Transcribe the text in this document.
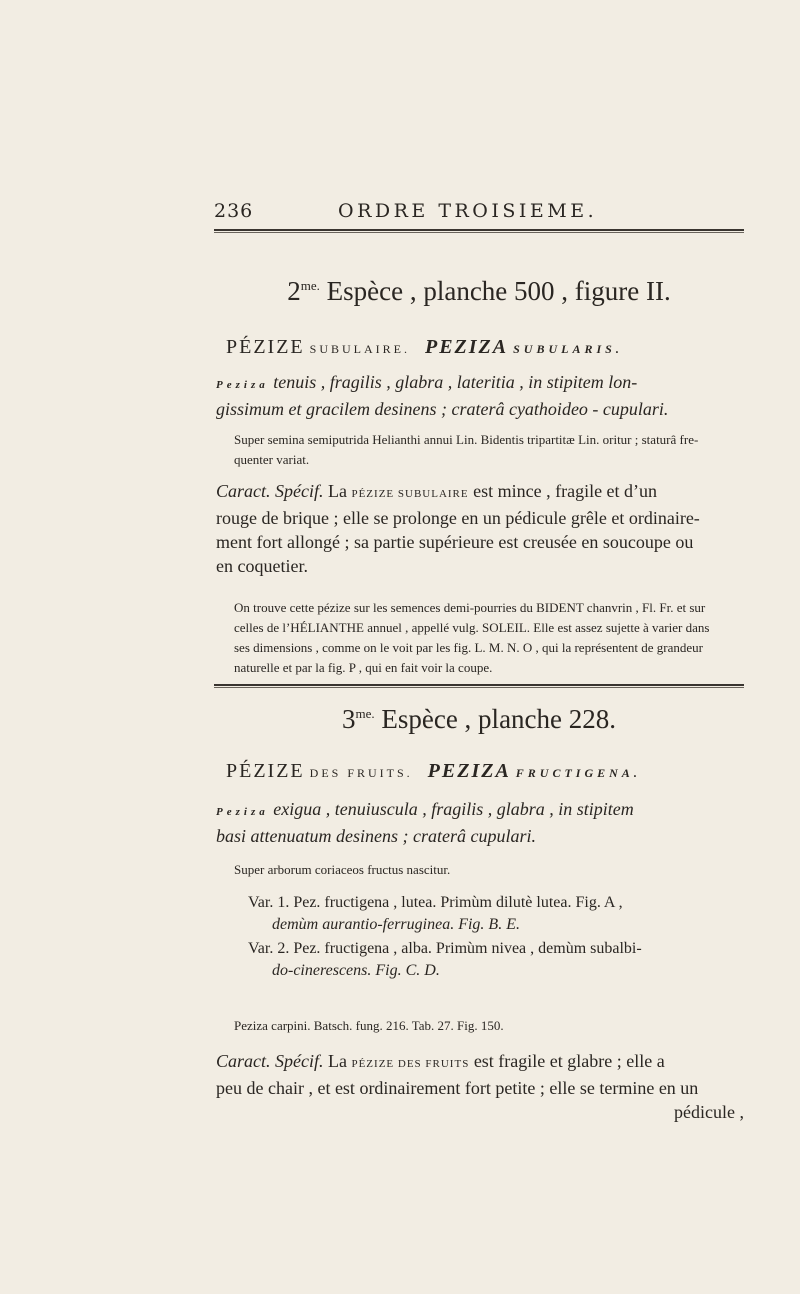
236	ORDRE TROISIEME.
$2^{me.}$ Espèce , planche 500 , figure II.
PÉZIZE SUBULAIRE. PEZIZA SUBULARIS.
Peziza tenuis , fragilis , glabra , lateritia , in stipitem lon-
gissimum et gracilem desinens ; craterâ cyathoideo - cupulari.
Super semina semiputrida Helianthi annui Lin. Bidentis tripartitæ Lin. oritur ; staturâ fre-
quenter variat.
Caract. Spécif. La PÉZIZE SUBULAIRE est mince , fragile et d’un
rouge de brique ; elle se prolonge en un pédicule grêle et ordinaire-
ment fort allongé ; sa partie supérieure est creusée en soucoupe ou
en coquetier.
On trouve cette pézize sur les semences demi-pourries du BIDENT chanvrin , Fl. Fr. et sur
celles de l’HÉLIANTHE annuel , appellé vulg. SOLEIL. Elle est assez sujette à varier dans
ses dimensions , comme on le voit par les fig. L. M. N. O , qui la représentent de grandeur
naturelle et par la fig. P , qui en fait voir la coupe.
$3^{me.}$ Espèce , planche 228.
PÉZIZE DES FRUITS. PEZIZA FRUCTIGENA.
Peziza exigua , tenuiuscula , fragilis , glabra , in stipitem
basi attenuatum desinens ; craterâ cupulari.
Super arborum coriaceos fructus nascitur.
Var. 1. Pez. fructigena , lutea. Primùm dilutè lutea. Fig. A ,
demùm aurantio-ferruginea. Fig. B. E.
Var. 2. Pez. fructigena , alba. Primùm nivea , demùm subalbi-
do-cinerescens. Fig. C. D.
Peziza carpini. Batsch. fung. 216. Tab. 27. Fig. 150.
Caract. Spécif. La PÉZIZE DES FRUITS est fragile et glabre ; elle a
peu de chair , et est ordinairement fort petite ; elle se termine en un
pédicule ,
